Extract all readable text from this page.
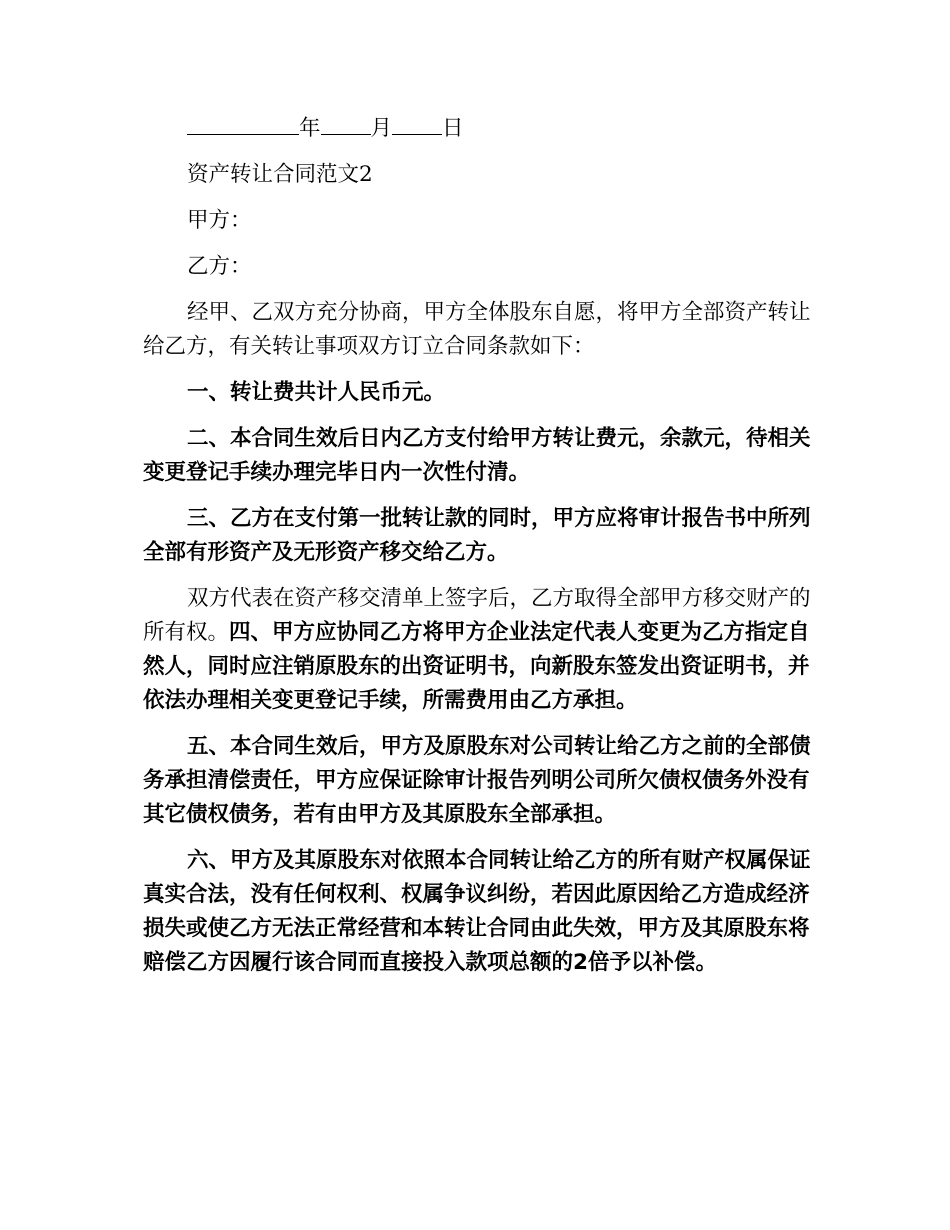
年 月 日

资产转让合同范文2

甲方：

乙方：

经甲、乙双方充分协商，甲方全体股东自愿，将甲方全部资产转让给乙方，有关转让事项双方订立合同条款如下：

一、转让费共计人民币元。

二、本合同生效后日内乙方支付给甲方转让费元，余款元，待相关变更登记手续办理完毕日内一次性付清。

三、乙方在支付第一批转让款的同时，甲方应将审计报告书中所列全部有形资产及无形资产移交给乙方。

双方代表在资产移交清单上签字后，乙方取得全部甲方移交财产的所有权。四、甲方应协同乙方将甲方企业法定代表人变更为乙方指定自然人，同时应注销原股东的出资证明书，向新股东签发出资证明书，并依法办理相关变更登记手续，所需费用由乙方承担。

五、本合同生效后，甲方及原股东对公司转让给乙方之前的全部债务承担清偿责任，甲方应保证除审计报告列明公司所欠债权债务外没有其它债权债务，若有由甲方及其原股东全部承担。

六、甲方及其原股东对依照本合同转让给乙方的所有财产权属保证真实合法，没有任何权利、权属争议纠纷，若因此原因给乙方造成经济损失或使乙方无法正常经营和本转让合同由此失效，甲方及其原股东将赔偿乙方因履行该合同而直接投入款项总额的2倍予以补偿。
